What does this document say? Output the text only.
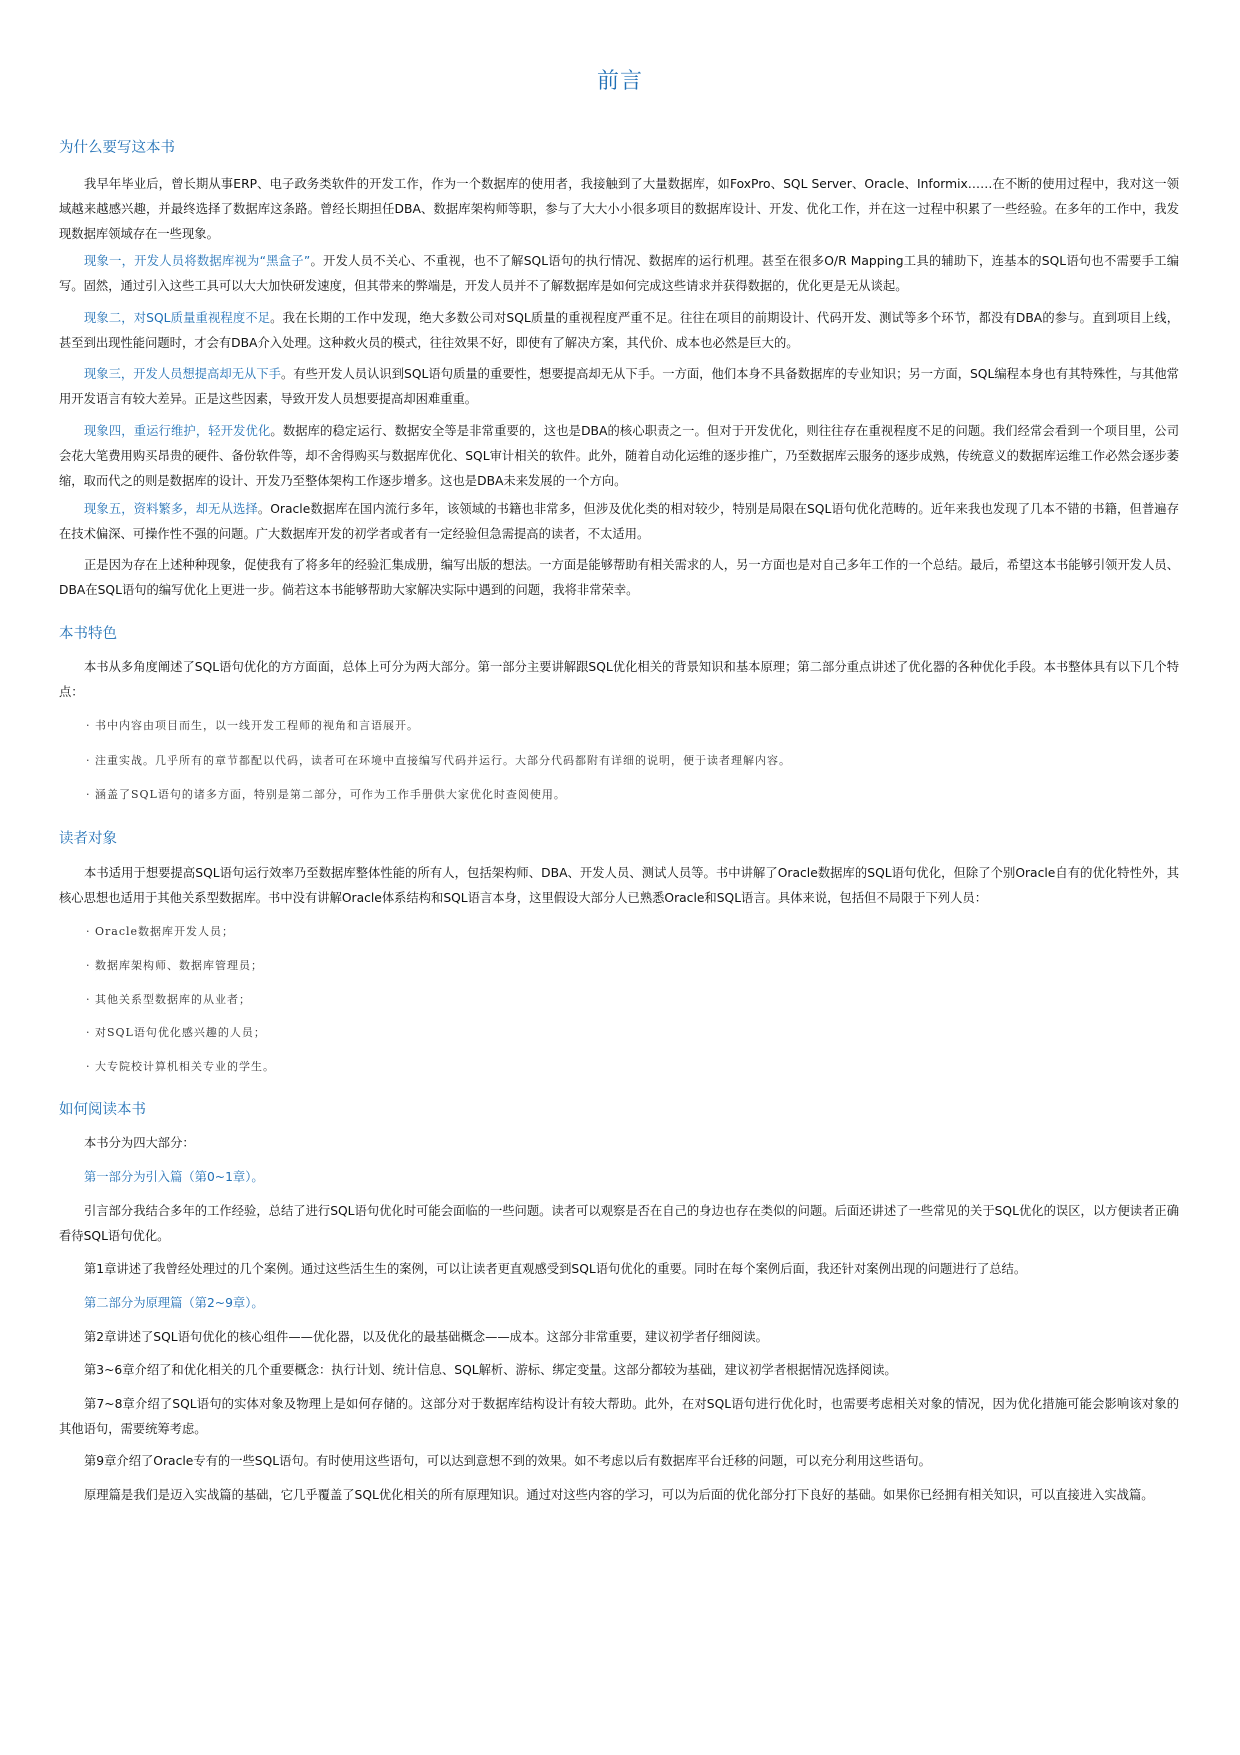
前言
为什么要写这本书

我早年毕业后，曾长期从事ERP、电子政务类软件的开发工作，作为一个数据库的使用者，我接触到了大量数据库，如FoxPro、SQL Server、Oracle、Informix……在不断的使用过程中，我对这一领域越来越感兴趣，并最终选择了数据库这条路。曾经长期担任DBA、数据库架构师等职，参与了大大小小很多项目的数据库设计、开发、优化工作，并在这一过程中积累了一些经验。在多年的工作中，我发现数据库领域存在一些现象。

现象一，开发人员将数据库视为“黑盒子”。开发人员不关心、不重视，也不了解SQL语句的执行情况、数据库的运行机理。甚至在很多O/R Mapping工具的辅助下，连基本的SQL语句也不需要手工编写。固然，通过引入这些工具可以大大加快研发速度，但其带来的弊端是，开发人员并不了解数据库是如何完成这些请求并获得数据的，优化更是无从谈起。

现象二，对SQL质量重视程度不足。我在长期的工作中发现，绝大多数公司对SQL质量的重视程度严重不足。往往在项目的前期设计、代码开发、测试等多个环节，都没有DBA的参与。直到项目上线，甚至到出现性能问题时，才会有DBA介入处理。这种救火员的模式，往往效果不好，即使有了解决方案，其代价、成本也必然是巨大的。

现象三，开发人员想提高却无从下手。有些开发人员认识到SQL语句质量的重要性，想要提高却无从下手。一方面，他们本身不具备数据库的专业知识；另一方面，SQL编程本身也有其特殊性，与其他常用开发语言有较大差异。正是这些因素，导致开发人员想要提高却困难重重。

现象四，重运行维护，轻开发优化。数据库的稳定运行、数据安全等是非常重要的，这也是DBA的核心职责之一。但对于开发优化，则往往存在重视程度不足的问题。我们经常会看到一个项目里，公司会花大笔费用购买昂贵的硬件、备份软件等，却不舍得购买与数据库优化、SQL审计相关的软件。此外，随着自动化运维的逐步推广，乃至数据库云服务的逐步成熟，传统意义的数据库运维工作必然会逐步萎缩，取而代之的则是数据库的设计、开发乃至整体架构工作逐步增多。这也是DBA未来发展的一个方向。

现象五，资料繁多，却无从选择。Oracle数据库在国内流行多年，该领域的书籍也非常多，但涉及优化类的相对较少，特别是局限在SQL语句优化范畴的。近年来我也发现了几本不错的书籍，但普遍存在技术偏深、可操作性不强的问题。广大数据库开发的初学者或者有一定经验但急需提高的读者，不太适用。

正是因为存在上述种种现象，促使我有了将多年的经验汇集成册，编写出版的想法。一方面是能够帮助有相关需求的人，另一方面也是对自己多年工作的一个总结。最后，希望这本书能够引领开发人员、DBA在SQL语句的编写优化上更进一步。倘若这本书能够帮助大家解决实际中遇到的问题，我将非常荣幸。

本书特色

本书从多角度阐述了SQL语句优化的方方面面，总体上可分为两大部分。第一部分主要讲解跟SQL优化相关的背景知识和基本原理；第二部分重点讲述了优化器的各种优化手段。本书整体具有以下几个特点：

· 书中内容由项目而生，以一线开发工程师的视角和言语展开。
· 注重实战。几乎所有的章节都配以代码，读者可在环境中直接编写代码并运行。大部分代码都附有详细的说明，便于读者理解内容。
· 涵盖了SQL语句的诸多方面，特别是第二部分，可作为工作手册供大家优化时查阅使用。
读者对象

本书适用于想要提高SQL语句运行效率乃至数据库整体性能的所有人，包括架构师、DBA、开发人员、测试人员等。书中讲解了Oracle数据库的SQL语句优化，但除了个别Oracle自有的优化特性外，其核心思想也适用于其他关系型数据库。书中没有讲解Oracle体系结构和SQL语言本身，这里假设大部分人已熟悉Oracle和SQL语言。具体来说，包括但不局限于下列人员：

· Oracle数据库开发人员；
· 数据库架构师、数据库管理员；
· 其他关系型数据库的从业者；
· 对SQL语句优化感兴趣的人员；
· 大专院校计算机相关专业的学生。
如何阅读本书

本书分为四大部分：

第一部分为引入篇（第0~1章）。

引言部分我结合多年的工作经验，总结了进行SQL语句优化时可能会面临的一些问题。读者可以观察是否在自己的身边也存在类似的问题。后面还讲述了一些常见的关于SQL优化的误区，以方便读者正确看待SQL语句优化。

第1章讲述了我曾经处理过的几个案例。通过这些活生生的案例，可以让读者更直观感受到SQL语句优化的重要。同时在每个案例后面，我还针对案例出现的问题进行了总结。

第二部分为原理篇（第2~9章）。

第2章讲述了SQL语句优化的核心组件——优化器，以及优化的最基础概念——成本。这部分非常重要，建议初学者仔细阅读。

第3~6章介绍了和优化相关的几个重要概念：执行计划、统计信息、SQL解析、游标、绑定变量。这部分都较为基础，建议初学者根据情况选择阅读。

第7~8章介绍了SQL语句的实体对象及物理上是如何存储的。这部分对于数据库结构设计有较大帮助。此外，在对SQL语句进行优化时，也需要考虑相关对象的情况，因为优化措施可能会影响该对象的其他语句，需要统筹考虑。

第9章介绍了Oracle专有的一些SQL语句。有时使用这些语句，可以达到意想不到的效果。如不考虑以后有数据库平台迁移的问题，可以充分利用这些语句。

原理篇是我们是迈入实战篇的基础，它几乎覆盖了SQL优化相关的所有原理知识。通过对这些内容的学习，可以为后面的优化部分打下良好的基础。如果你已经拥有相关知识，可以直接进入实战篇。
